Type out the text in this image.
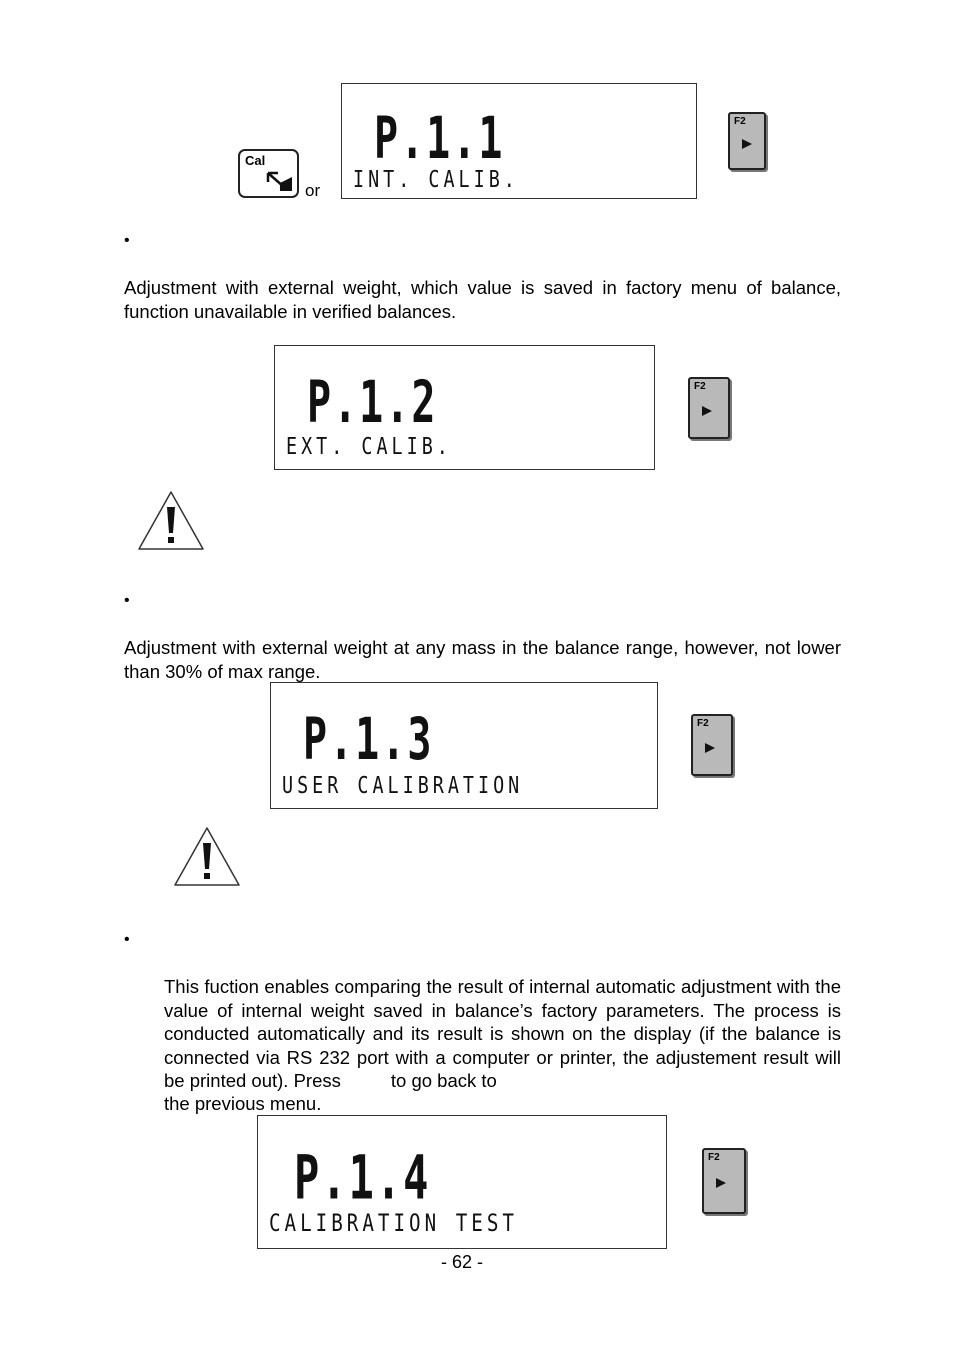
Cal
or
P.1.1
INT. CALIB.
F2
•
Adjustment with external weight, which value is saved in factory menu of balance, function unavailable in verified balances.
P.1.2
EXT. CALIB.
F2
•
Adjustment with external weight at any mass in the balance range, however, not lower than 30% of max range.
P.1.3
USER CALIBRATION
F2
•
This fuction enables comparing the result of internal automatic adjustment with the value of internal weight saved in balance’s factory parameters. The process is conducted automatically and its result is shown on the display (if the balance is connected via RS 232 port with a computer or printer, the adjustement result will be printed out). Press	to go back to
the previous menu.
P.1.4
CALIBRATION TEST
F2
- 62 -
